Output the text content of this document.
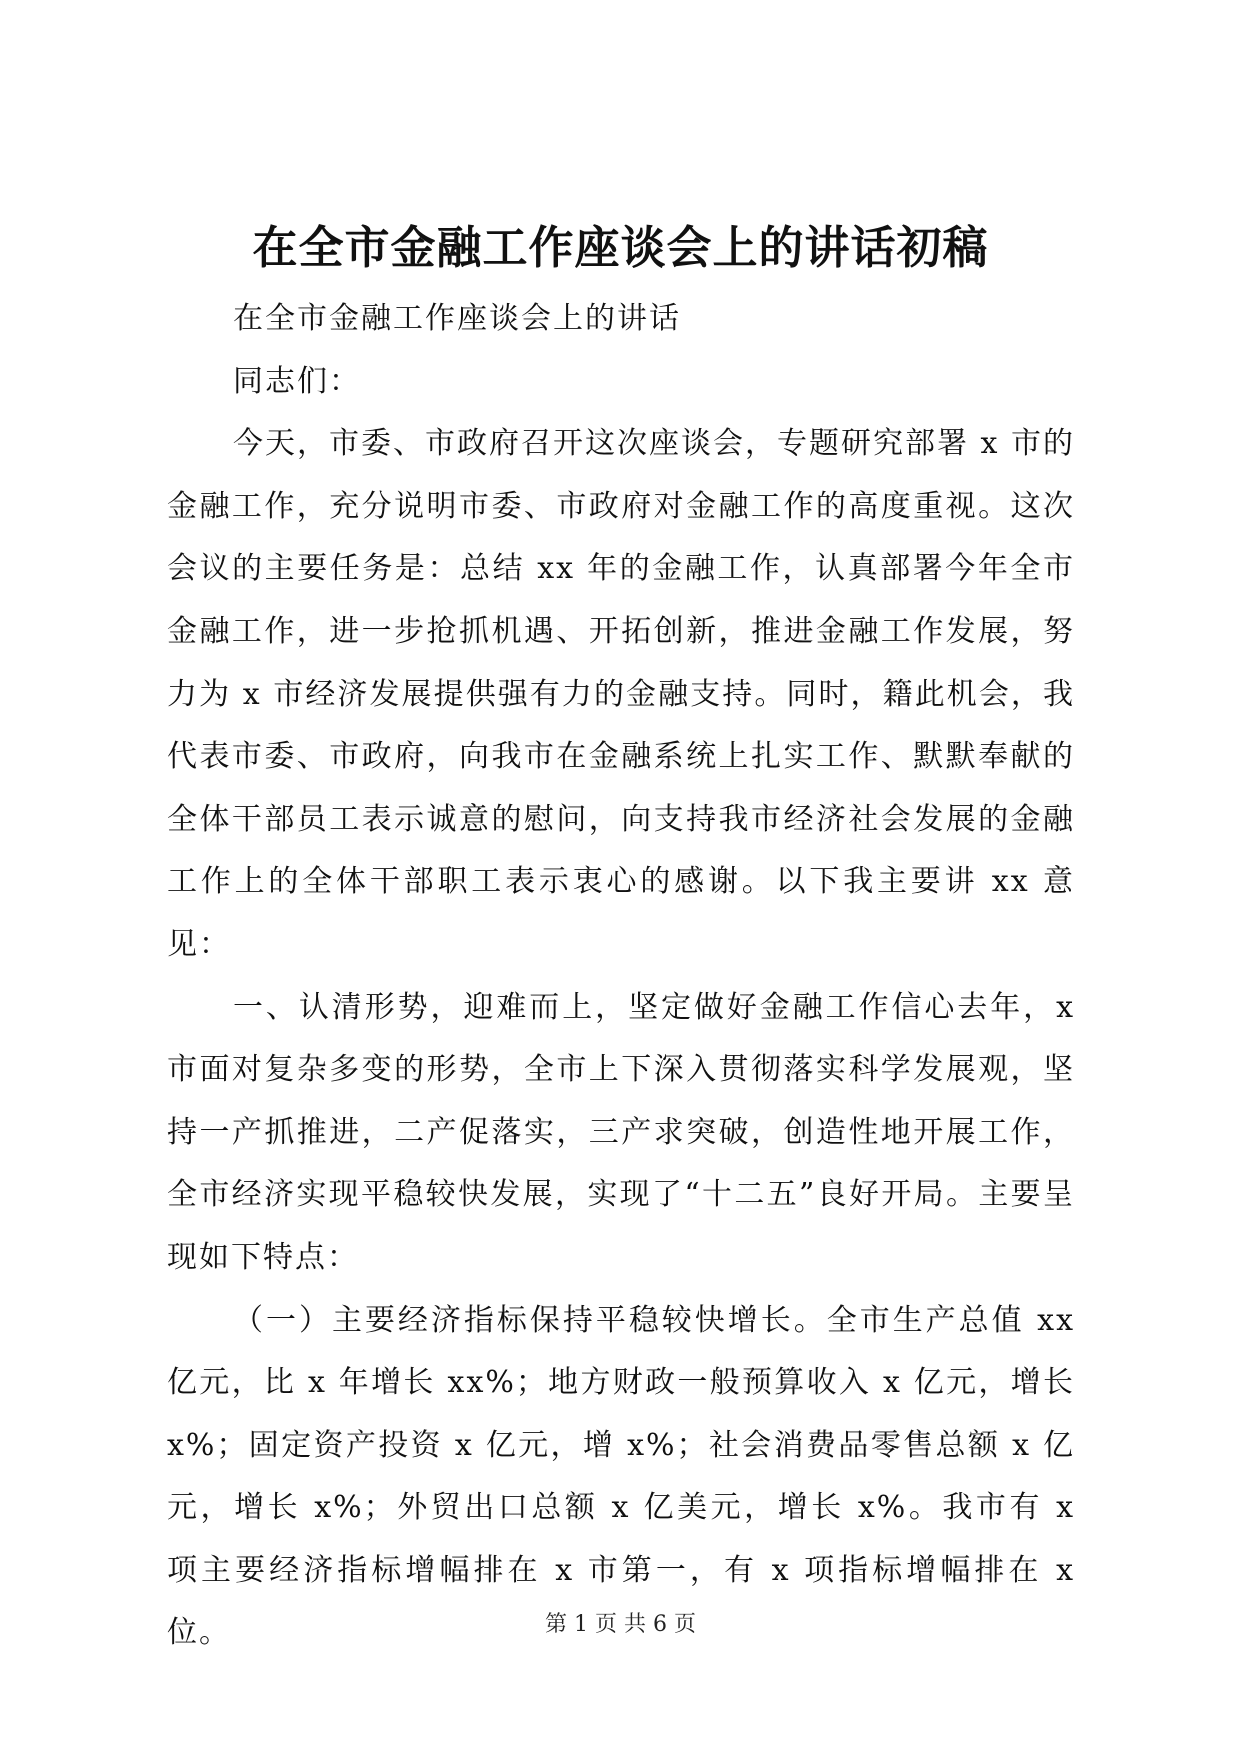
在全市金融工作座谈会上的讲话初稿

在全市金融工作座谈会上的讲话

同志们：

今天，市委、市政府召开这次座谈会，专题研究部署 x 市的金融工作，充分说明市委、市政府对金融工作的高度重视。这次会议的主要任务是：总结 xx 年的金融工作，认真部署今年全市金融工作，进一步抢抓机遇、开拓创新，推进金融工作发展，努力为 x 市经济发展提供强有力的金融支持。同时，籍此机会，我代表市委、市政府，向我市在金融系统上扎实工作、默默奉献的全体干部员工表示诚意的慰问，向支持我市经济社会发展的金融工作上的全体干部职工表示衷心的感谢。以下我主要讲 xx 意见：

一、认清形势，迎难而上，坚定做好金融工作信心去年，x 市面对复杂多变的形势，全市上下深入贯彻落实科学发展观，坚持一产抓推进，二产促落实，三产求突破，创造性地开展工作，全市经济实现平稳较快发展，实现了“十二五”良好开局。主要呈现如下特点：

（一）主要经济指标保持平稳较快增长。全市生产总值 xx 亿元，比 x 年增长 xx%；地方财政一般预算收入 x 亿元，增长 x%；固定资产投资 x 亿元，增 x%；社会消费品零售总额 x 亿元，增长 x%；外贸出口总额 x 亿美元，增长 x%。我市有 x 项主要经济指标增幅排在 x 市第一，有 x 项指标增幅排在 x 位。	第 1 页 共 6 页
